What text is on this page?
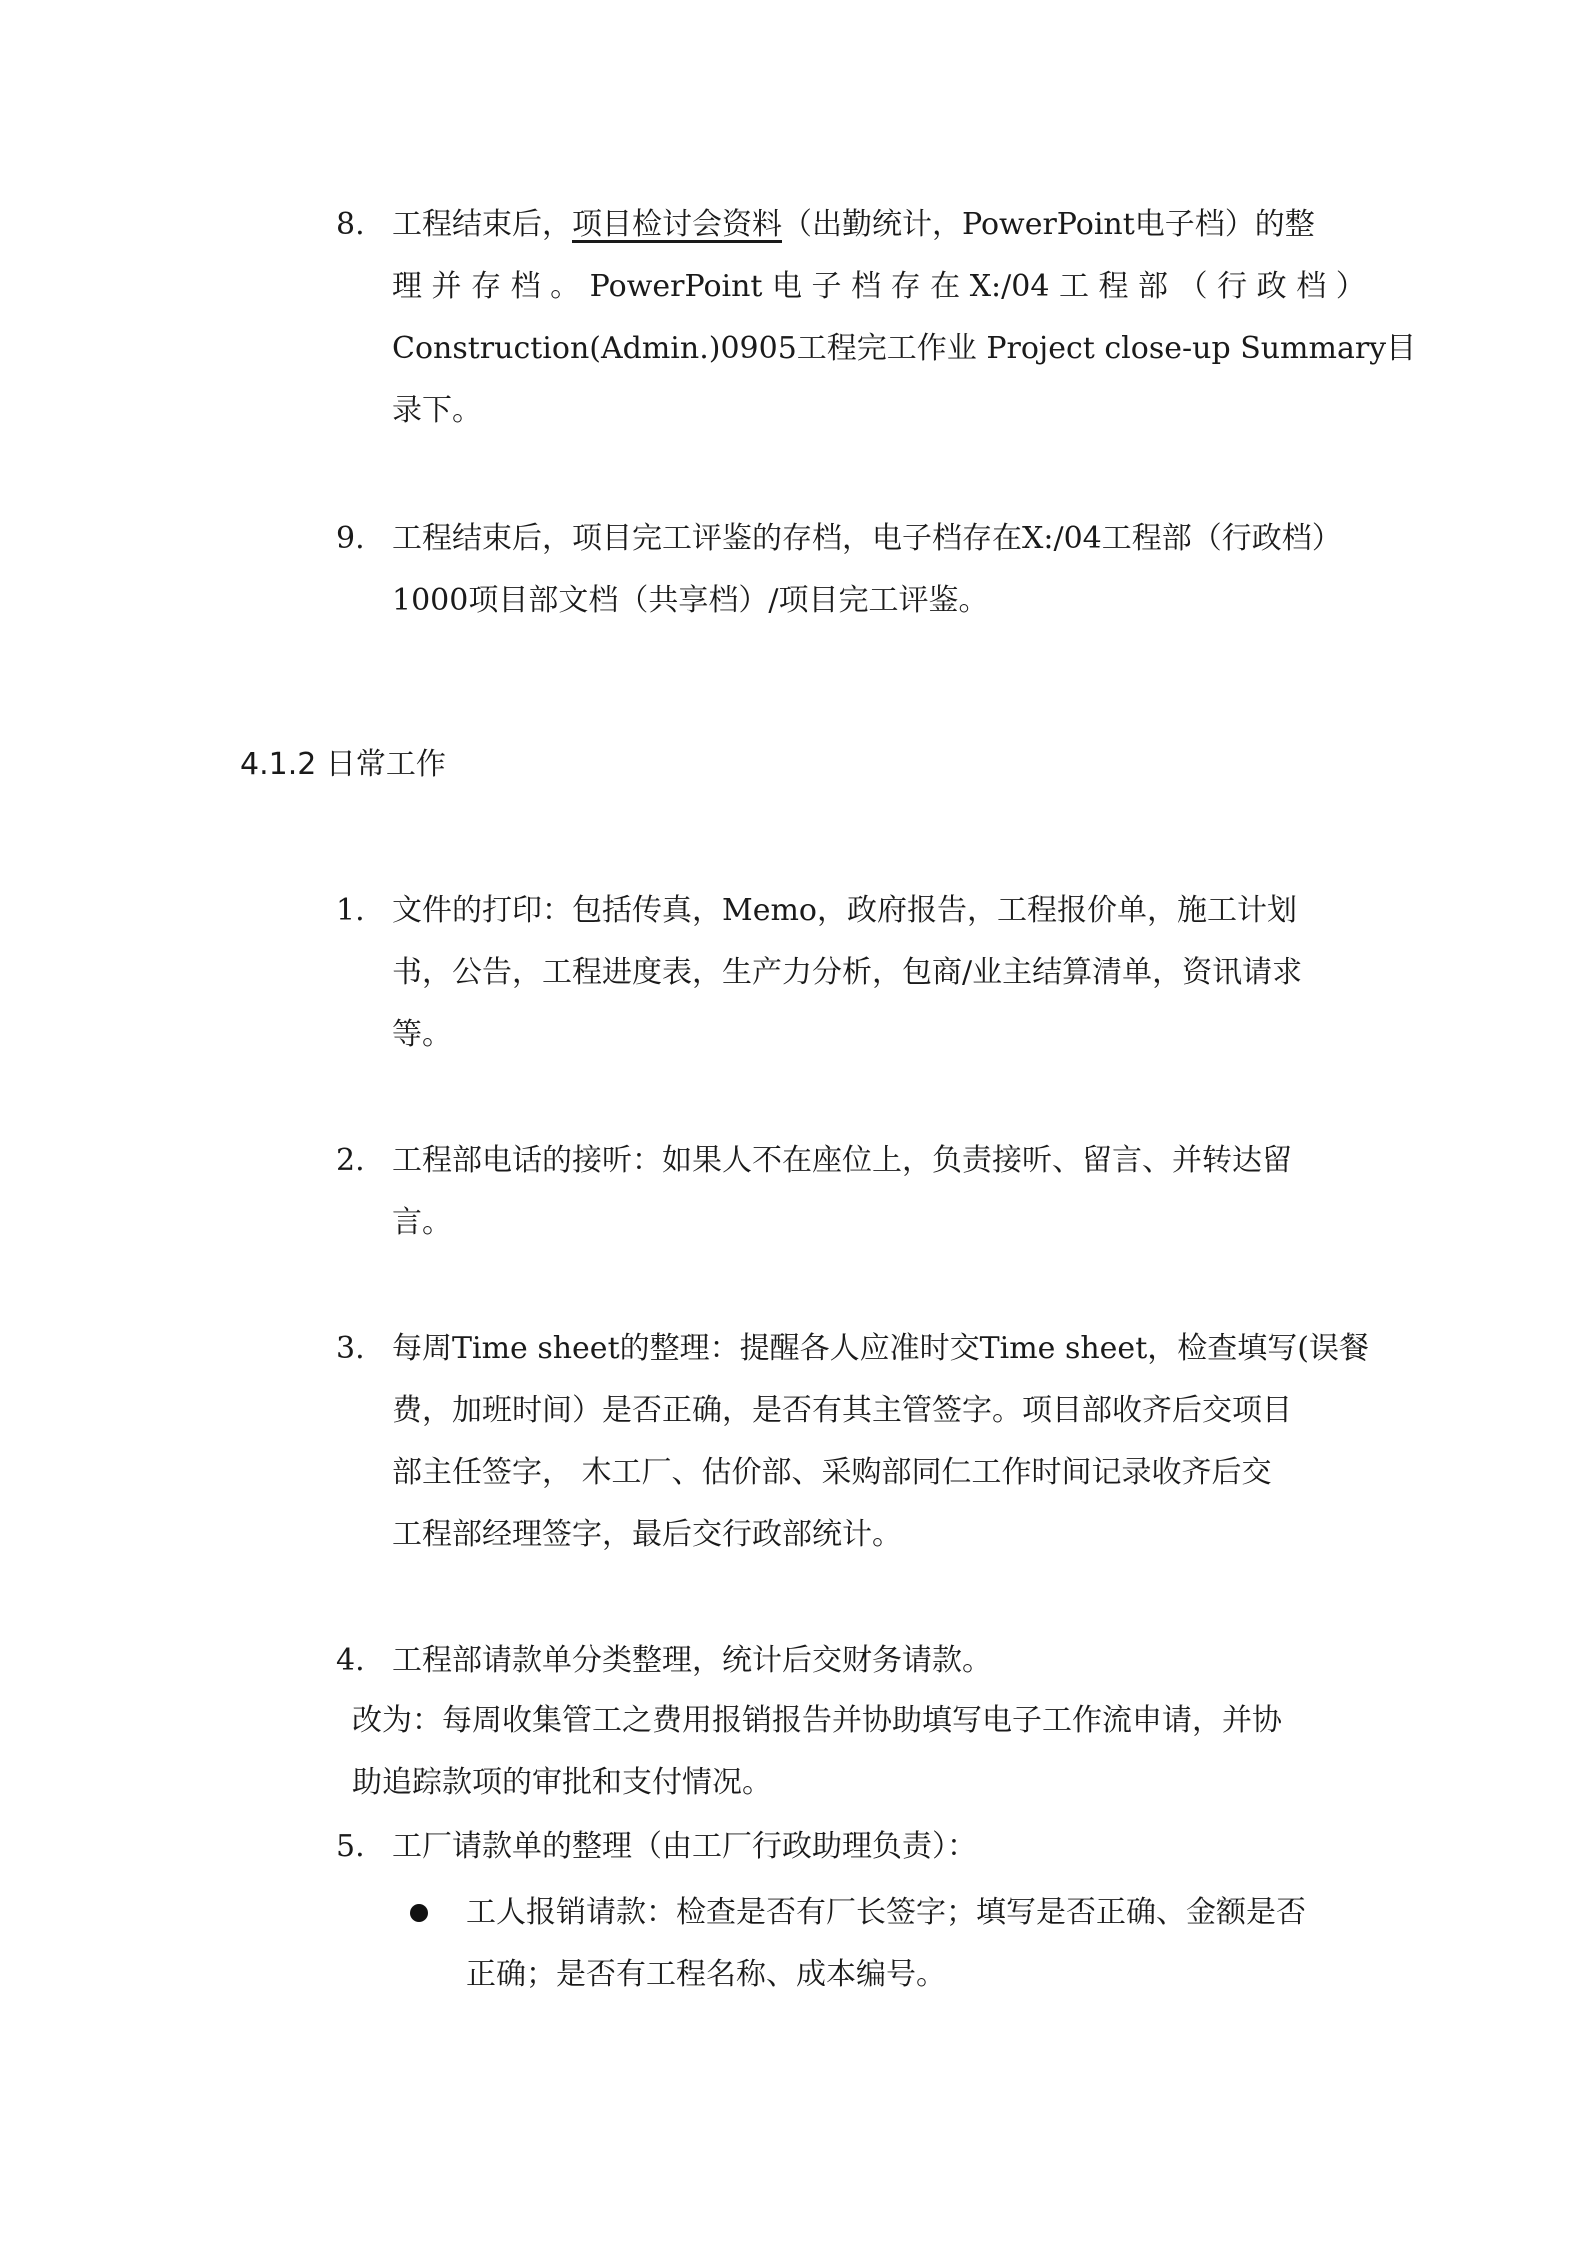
8. 工程结束后，项目检讨会资料（出勤统计，PowerPoint电子档）的整
理 并 存 档 。 PowerPoint 电 子 档 存 在 X:/04 工 程 部 （ 行 政 档 ）
Construction(Admin.)0905工程完工作业 Project close-up Summary目
录下。
9. 工程结束后，项目完工评鉴的存档，电子档存在X:/04工程部（行政档）
1000项目部文档（共享档）/项目完工评鉴。
4.1.2 日常工作
1. 文件的打印：包括传真，Memo，政府报告，工程报价单，施工计划
书，公告，工程进度表，生产力分析，包商/业主结算清单，资讯请求
等。
2. 工程部电话的接听：如果人不在座位上，负责接听、留言、并转达留
言。
3. 每周Time sheet的整理：提醒各人应准时交Time sheet，检查填写(误餐
费，加班时间）是否正确，是否有其主管签字。项目部收齐后交项目
部主任签字， 木工厂、估价部、采购部同仁工作时间记录收齐后交
工程部经理签字，最后交行政部统计。
4. 工程部请款单分类整理，统计后交财务请款。
改为：每周收集管工之费用报销报告并协助填写电子工作流申请，并协
助追踪款项的审批和支付情况。
5. 工厂请款单的整理（由工厂行政助理负责）：
工人报销请款：检查是否有厂长签字；填写是否正确、金额是否
正确；是否有工程名称、成本编号。
